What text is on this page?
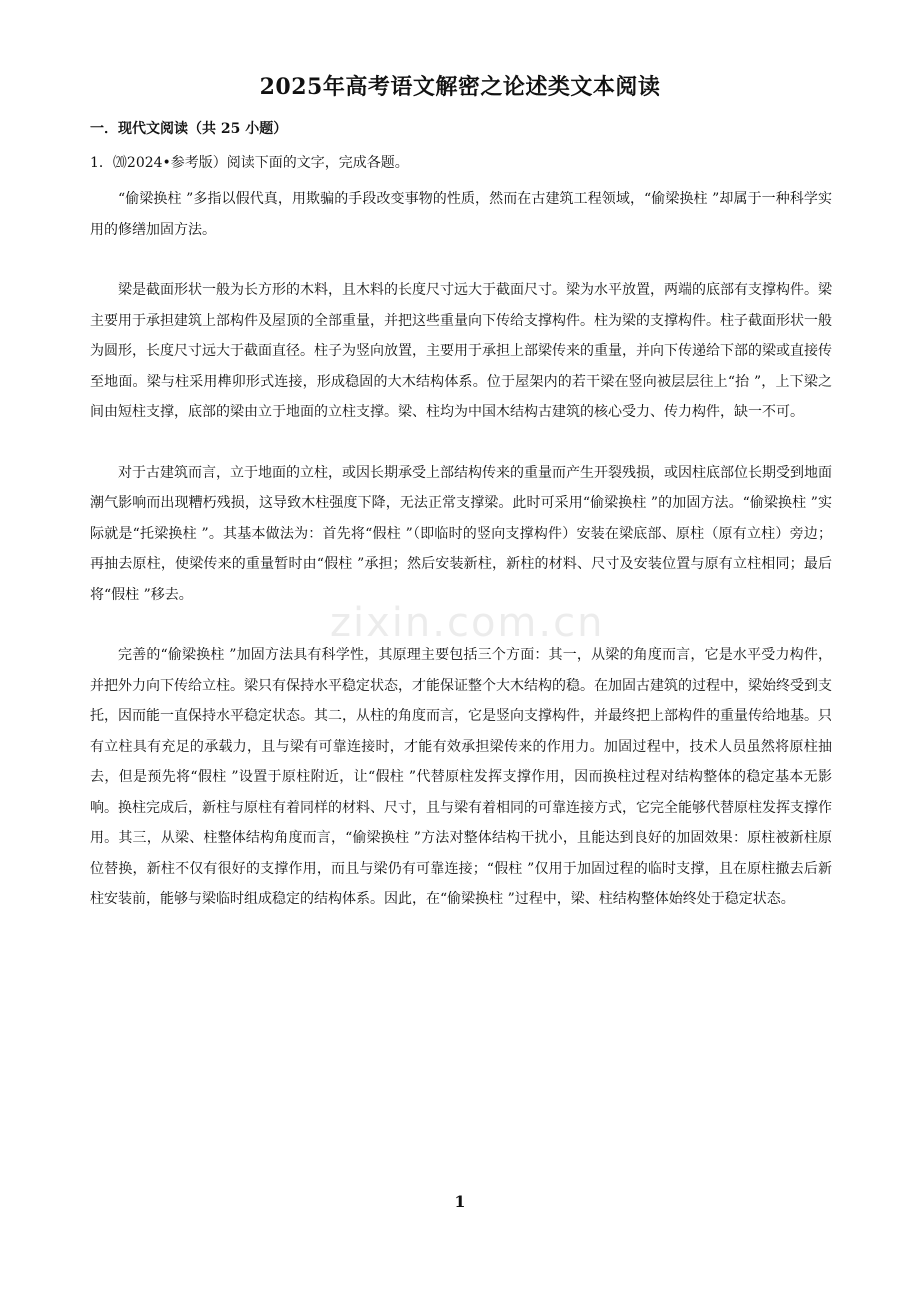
2025年高考语文解密之论述类文本阅读
一．现代文阅读（共 25 小题）
1．⒇2024•参考版）阅读下面的文字，完成各题。

“偷梁换柱 ”多指以假代真，用欺骗的手段改变事物的性质，然而在古建筑工程领域，“偷梁换柱 ”却属于一种科学实用的修缮加固方法。

梁是截面形状一般为长方形的木料，且木料的长度尺寸远大于截面尺寸。梁为水平放置，两端的底部有支撑构件。梁主要用于承担建筑上部构件及屋顶的全部重量，并把这些重量向下传给支撑构件。柱为梁的支撑构件。柱子截面形状一般为圆形，长度尺寸远大于截面直径。柱子为竖向放置，主要用于承担上部梁传来的重量，并向下传递给下部的梁或直接传至地面。梁与柱采用榫卯形式连接，形成稳固的大木结构体系。位于屋架内的若干梁在竖向被层层往上“抬 ”，上下梁之间由短柱支撑，底部的梁由立于地面的立柱支撑。梁、柱均为中国木结构古建筑的核心受力、传力构件，缺一不可。

对于古建筑而言，立于地面的立柱，或因长期承受上部结构传来的重量而产生开裂残损，或因柱底部位长期受到地面潮气影响而出现糟朽残损，这导致木柱强度下降，无法正常支撑梁。此时可采用“偷梁换柱 ”的加固方法。“偷梁换柱 ”实际就是“托梁换柱 ”。其基本做法为：首先将“假柱 ”（即临时的竖向支撑构件）安装在梁底部、原柱（原有立柱）旁边；再抽去原柱，使梁传来的重量暂时由“假柱 ”承担；然后安装新柱，新柱的材料、尺寸及安装位置与原有立柱相同；最后将“假柱 ”移去。

完善的“偷梁换柱 ”加固方法具有科学性，其原理主要包括三个方面：其一，从梁的角度而言，它是水平受力构件，并把外力向下传给立柱。梁只有保持水平稳定状态，才能保证整个大木结构的稳。在加固古建筑的过程中，梁始终受到支托，因而能一直保持水平稳定状态。其二，从柱的角度而言，它是竖向支撑构件，并最终把上部构件的重量传给地基。只有立柱具有充足的承载力，且与梁有可靠连接时，才能有效承担梁传来的作用力。加固过程中，技术人员虽然将原柱抽去，但是预先将“假柱 ”设置于原柱附近，让“假柱 ”代替原柱发挥支撑作用，因而换柱过程对结构整体的稳定基本无影响。换柱完成后，新柱与原柱有着同样的材料、尺寸，且与梁有着相同的可靠连接方式，它完全能够代替原柱发挥支撑作用。其三，从梁、柱整体结构角度而言，“偷梁换柱 ”方法对整体结构干扰小，且能达到良好的加固效果：原柱被新柱原位替换，新柱不仅有很好的支撑作用，而且与梁仍有可靠连接；“假柱 ”仅用于加固过程的临时支撑，且在原柱撤去后新柱安装前，能够与梁临时组成稳定的结构体系。因此，在“偷梁换柱 ”过程中，梁、柱结构整体始终处于稳定状态。

zixin.com.cn
1
